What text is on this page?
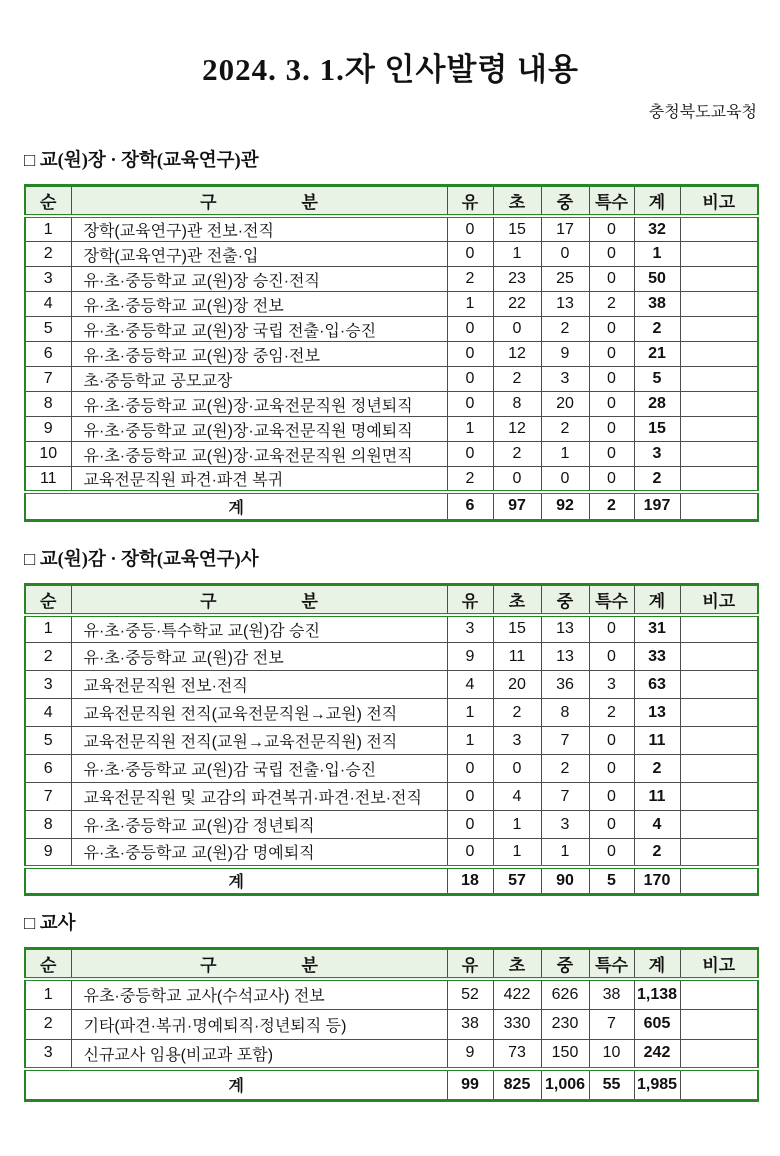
2024. 3. 1.자 인사발령 내용
충청북도교육청
□ 교(원)장 · 장학(교육연구)관
순	구　　　　　분	유	초	중	특수	계	비고
1	장학(교육연구)관 전보·전직	0	15	17	0	32	
2	장학(교육연구)관 전출·입	0	1	0	0	1	
3	유·초·중등학교 교(원)장 승진·전직	2	23	25	0	50	
4	유·초·중등학교 교(원)장 전보	1	22	13	2	38	
5	유·초·중등학교 교(원)장 국립 전출·입·승진	0	0	2	0	2	
6	유·초·중등학교 교(원)장 중임·전보	0	12	9	0	21	
7	초·중등학교 공모교장	0	2	3	0	5	
8	유·초·중등학교 교(원)장·교육전문직원 정년퇴직	0	8	20	0	28	
9	유·초·중등학교 교(원)장·교육전문직원 명예퇴직	1	12	2	0	15	
10	유·초·중등학교 교(원)장·교육전문직원 의원면직	0	2	1	0	3	
11	교육전문직원 파견·파견 복귀	2	0	0	0	2	
계		6	97	92	2	197	
□ 교(원)감 · 장학(교육연구)사
순	구　　　　　분	유	초	중	특수	계	비고
1	유·초·중등·특수학교 교(원)감 승진	3	15	13	0	31	
2	유·초·중등학교 교(원)감 전보	9	11	13	0	33	
3	교육전문직원 전보·전직	4	20	36	3	63	
4	교육전문직원 전직(교육전문직원→교원) 전직	1	2	8	2	13	
5	교육전문직원 전직(교원→교육전문직원) 전직	1	3	7	0	11	
6	유·초·중등학교 교(원)감 국립 전출·입·승진	0	0	2	0	2	
7	교육전문직원 및 교감의 파견복귀·파견·전보·전직	0	4	7	0	11	
8	유·초·중등학교 교(원)감 정년퇴직	0	1	3	0	4	
9	유·초·중등학교 교(원)감 명예퇴직	0	1	1	0	2	
계		18	57	90	5	170	
□ 교사
순	구　　　　　분	유	초	중	특수	계	비고
1	유초·중등학교 교사(수석교사) 전보	52	422	626	38	1,138	
2	기타(파견·복귀·명예퇴직·정년퇴직 등)	38	330	230	7	605	
3	신규교사 임용(비교과 포함)	9	73	150	10	242	
계		99	825	1,006	55	1,985	
